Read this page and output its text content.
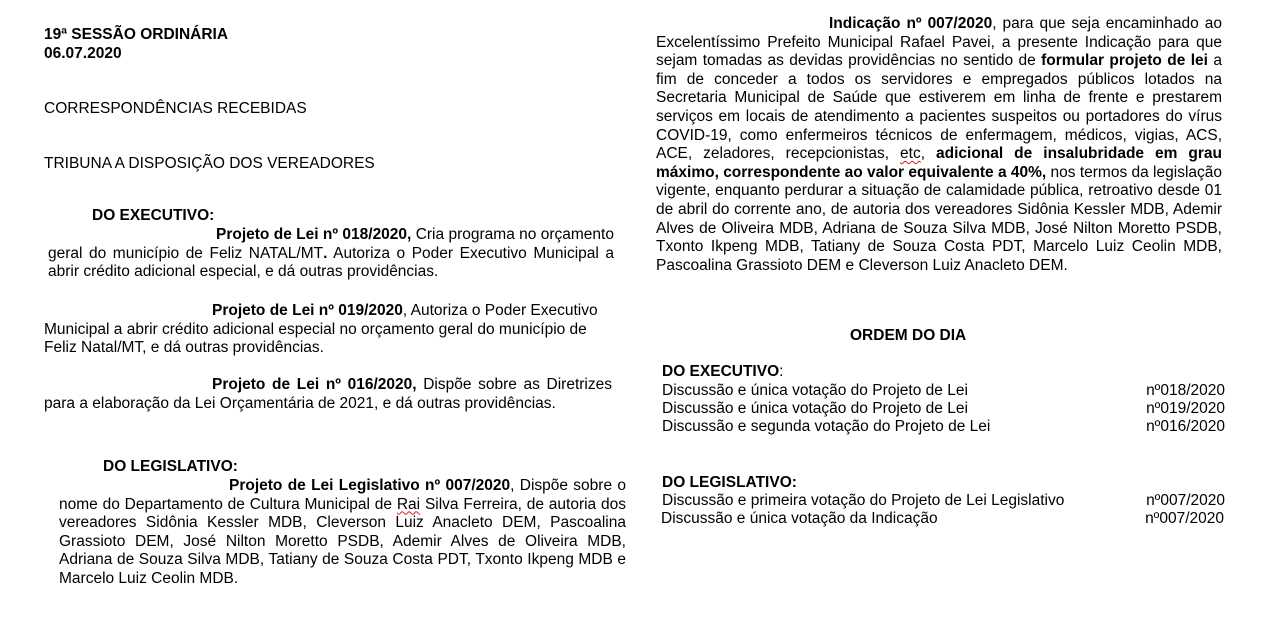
19ª SESSÃO ORDINÁRIA
06.07.2020
CORRESPONDÊNCIAS RECEBIDAS
TRIBUNA A DISPOSIÇÃO DOS VEREADORES
DO EXECUTIVO:
Projeto de Lei nº 018/2020, Cria programa no orçamento geral do município de Feliz NATAL/MT. Autoriza o Poder Executivo Municipal a abrir crédito adicional especial, e dá outras providências.
Projeto de Lei nº 019/2020, Autoriza o Poder Executivo Municipal a abrir crédito adicional especial no orçamento geral do município de Feliz Natal/MT, e dá outras providências.
Projeto de Lei nº 016/2020, Dispõe sobre as Diretrizes para a elaboração da Lei Orçamentária de 2021, e dá outras providências.
DO LEGISLATIVO:
Projeto de Lei Legislativo nº 007/2020, Dispõe sobre o nome do Departamento de Cultura Municipal de Rai Silva Ferreira, de autoria dos vereadores Sidônia Kessler MDB, Cleverson Luiz Anacleto DEM, Pascoalina Grassioto DEM, José Nilton Moretto PSDB, Ademir Alves de Oliveira MDB, Adriana de Souza Silva MDB, Tatiany de Souza Costa PDT, Txonto Ikpeng MDB e Marcelo Luiz Ceolin MDB.
Indicação nº 007/2020, para que seja encaminhado ao Excelentíssimo Prefeito Municipal Rafael Pavei, a presente Indicação para que sejam tomadas as devidas providências no sentido de formular projeto de lei a fim de conceder a todos os servidores e empregados públicos lotados na Secretaria Municipal de Saúde que estiverem em linha de frente e prestarem serviços em locais de atendimento a pacientes suspeitos ou portadores do vírus COVID-19, como enfermeiros técnicos de enfermagem, médicos, vigias, ACS, ACE, zeladores, recepcionistas, etc, adicional de insalubridade em grau máximo, correspondente ao valor equivalente a 40%, nos termos da legislação vigente, enquanto perdurar a situação de calamidade pública, retroativo desde 01 de abril do corrente ano, de autoria dos vereadores Sidônia Kessler MDB, Ademir Alves de Oliveira MDB, Adriana de Souza Silva MDB, José Nilton Moretto PSDB, Txonto Ikpeng MDB, Tatiany de Souza Costa PDT, Marcelo Luiz Ceolin MDB, Pascoalina Grassioto DEM e Cleverson Luiz Anacleto DEM.
ORDEM DO DIA
DO EXECUTIVO:
Discussão e única votação do Projeto de Lei	nº018/2020
Discussão e única votação do Projeto de Lei	nº019/2020
Discussão e segunda votação do Projeto de Lei	nº016/2020
DO LEGISLATIVO:
Discussão e primeira votação do Projeto de Lei Legislativo	nº007/2020
Discussão e única votação da Indicação	nº007/2020
